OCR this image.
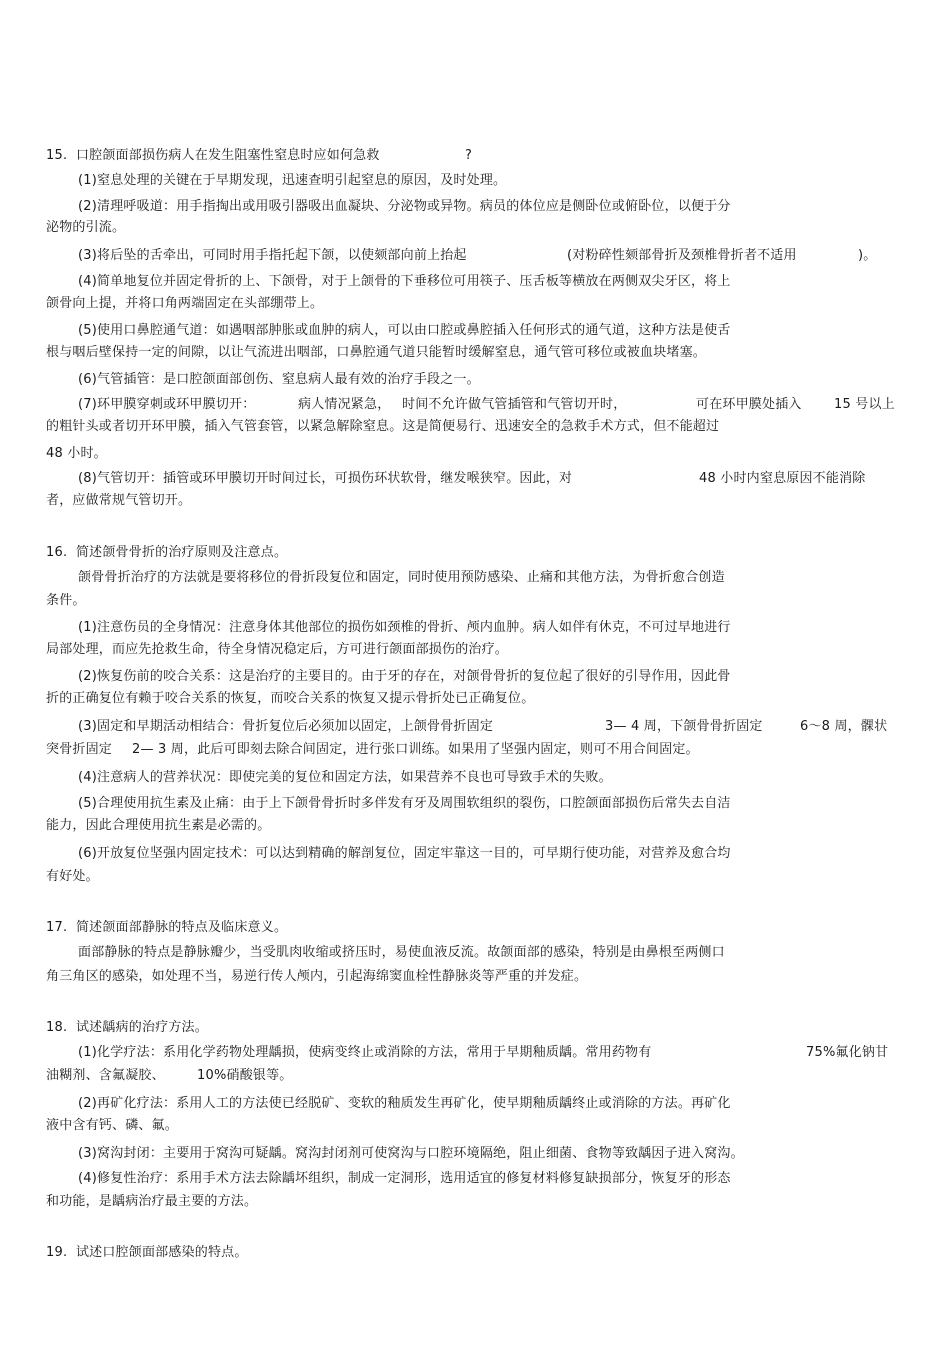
15.  口腔颌面部损伤病人在发生阻塞性窒息时应如何急救	?
(1)窒息处理的关键在于早期发现，迅速查明引起窒息的原因，及时处理。
(2)清理呼吸道：用手指掏出或用吸引器吸出血凝块、分泌物或异物。病员的体位应是侧卧位或俯卧位，以便于分
泌物的引流。
(3)将后坠的舌牵出，可同时用手指托起下颌，以使颏部向前上抬起	(对粉碎性颏部骨折及颈椎骨折者不适用	)。
(4)简单地复位并固定骨折的上、下颌骨，对于上颌骨的下垂移位可用筷子、压舌板等横放在两侧双尖牙区，将上
颌骨向上提，并将口角两端固定在头部绷带上。
(5)使用口鼻腔通气道：如遇咽部肿胀或血肿的病人，可以由口腔或鼻腔插入任何形式的通气道，这种方法是使舌
根与咽后壁保持一定的间隙，以让气流进出咽部，口鼻腔通气道只能暂时缓解窒息，通气管可移位或被血块堵塞。
(6)气管插管：是口腔颌面部创伤、窒息病人最有效的治疗手段之一。
(7)环甲膜穿刺或环甲膜切开：	病人情况紧急， 时间不允许做气管插管和气管切开时，	可在环甲膜处插入 15 号以上
的粗针头或者切开环甲膜，插入气管套管，以紧急解除窒息。这是简便易行、迅速安全的急救手术方式，但不能超过
48 小时。
(8)气管切开：插管或环甲膜切开时间过长，可损伤环状软骨，继发喉狭窄。因此，对	48 小时内窒息原因不能消除
者，应做常规气管切开。
16.  简述颌骨骨折的治疗原则及注意点。
颌骨骨折治疗的方法就是要将移位的骨折段复位和固定，同时使用预防感染、止痛和其他方法，为骨折愈合创造
条件。
(1)注意伤员的全身情况：注意身体其他部位的损伤如颈椎的骨折、颅内血肿。病人如伴有休克，不可过早地进行
局部处理，而应先抢救生命，待全身情况稳定后，方可进行颌面部损伤的治疗。
(2)恢复伤前的咬合关系：这是治疗的主要目的。由于牙的存在，对颌骨骨折的复位起了很好的引导作用，因此骨
折的正确复位有赖于咬合关系的恢复，而咬合关系的恢复又提示骨折处已正确复位。
(3)固定和早期活动相结合：骨折复位后必须加以固定，上颌骨骨折固定	3— 4 周，下颌骨骨折固定	6～8 周，髁状
突骨折固定 2— 3 周，此后可即刻去除合间固定，进行张口训练。如果用了坚强内固定，则可不用合间固定。
(4)注意病人的营养状况：即使完美的复位和固定方法，如果营养不良也可导致手术的失败。
(5)合理使用抗生素及止痛：由于上下颌骨骨折时多伴发有牙及周围软组织的裂伤，口腔颌面部损伤后常失去自洁
能力，因此合理使用抗生素是必需的。
(6)开放复位坚强内固定技术：可以达到精确的解剖复位，固定牢靠这一目的，可早期行使功能，对营养及愈合均
有好处。
17.  简述颌面部静脉的特点及临床意义。
面部静脉的特点是静脉瓣少，当受肌肉收缩或挤压时，易使血液反流。故颌面部的感染，特别是由鼻根至两侧口
角三角区的感染，如处理不当，易逆行传人颅内，引起海绵窦血栓性静脉炎等严重的并发症。
18.  试述龋病的治疗方法。
(1)化学疗法：系用化学药物处理龋损，使病变终止或消除的方法，常用于早期釉质龋。常用药物有	75%氟化钠甘
油糊剂、含氟凝胶、 10%硝酸银等。
(2)再矿化疗法：系用人工的方法使已经脱矿、变软的釉质发生再矿化，使早期釉质龋终止或消除的方法。再矿化
液中含有钙、磷、氟。
(3)窝沟封闭：主要用于窝沟可疑龋。窝沟封闭剂可使窝沟与口腔环境隔绝，阻止细菌、食物等致龋因子进入窝沟。
(4)修复性治疗：系用手术方法去除龋坏组织，制成一定洞形，选用适宜的修复材料修复缺损部分，恢复牙的形态
和功能，是龋病治疗最主要的方法。
19.  试述口腔颌面部感染的特点。
